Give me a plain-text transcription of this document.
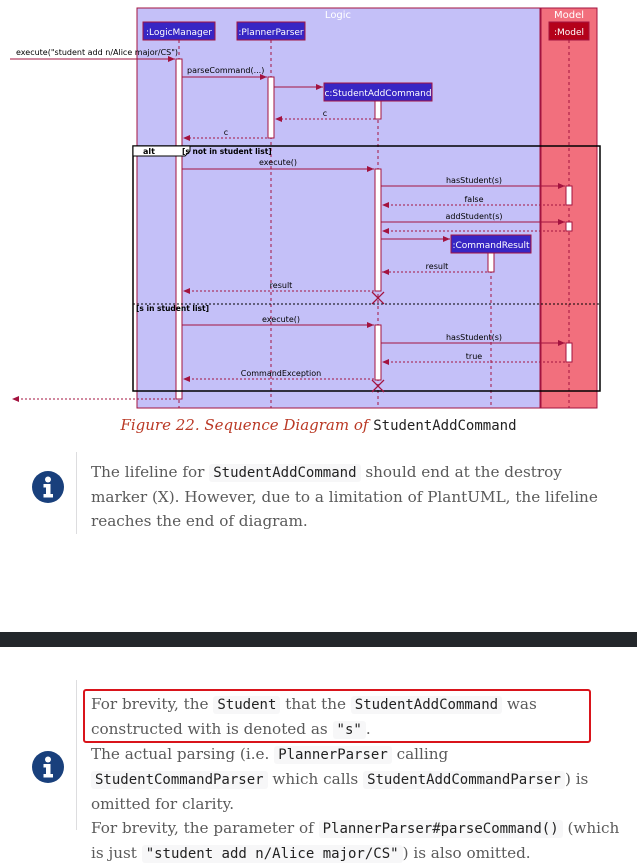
Logic	Model
:LogicManager	:PlannerParser
c:StudentAddCommand
:CommandResult
:Model
alt	[s not in student list]
[s in student list]
execute("student add n/Alice major/CS")
parseCommand(...)
c
c
execute()
hasStudent(s)
false
addStudent(s)
result
result
execute()
hasStudent(s)
true
CommandException
Figure 22. Sequence Diagram of StudentAddCommand
The lifeline for StudentAddCommand should end at the destroy marker (X). However, due to a limitation of PlantUML, the lifeline reaches the end of diagram.
For brevity, the Student that the StudentAddCommand was constructed with is denoted as "s" .
The actual parsing (i.e. PlannerParser calling StudentCommandParser which calls StudentAddCommandParser ) is omitted for clarity.
For brevity, the parameter of PlannerParser#parseCommand() (which is just "student add n/Alice major/CS" ) is also omitted.
